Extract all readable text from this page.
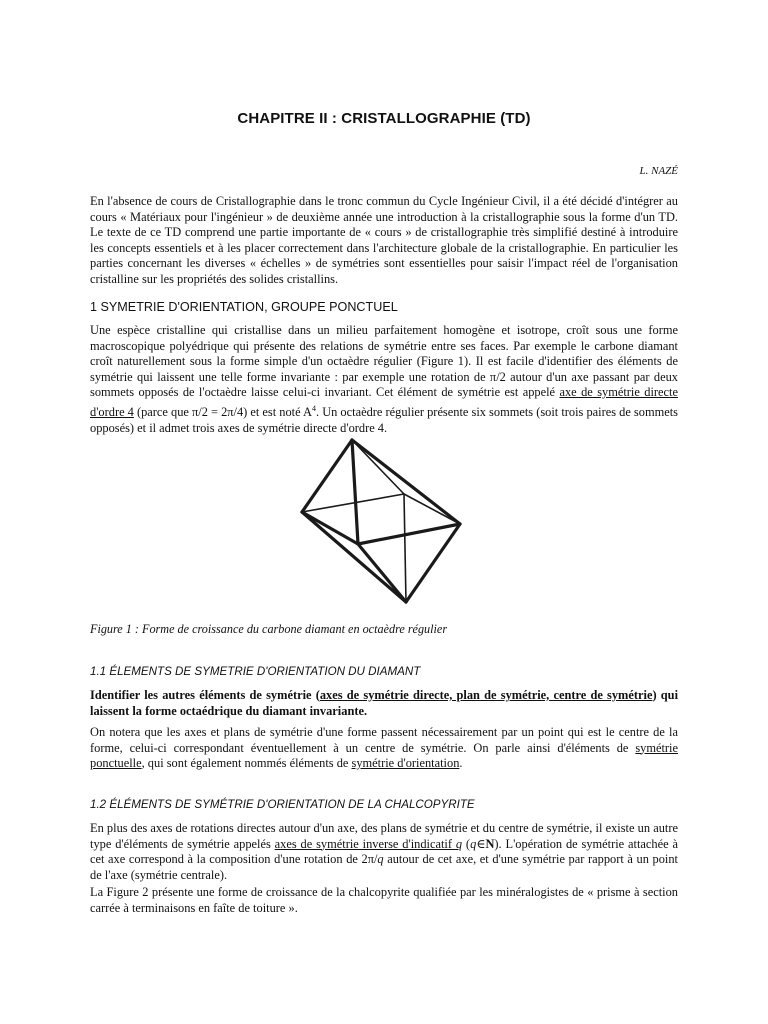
CHAPITRE II : CRISTALLOGRAPHIE (TD)
L. NAZÉ

En l'absence de cours de Cristallographie dans le tronc commun du Cycle Ingénieur Civil, il a été décidé d'intégrer au cours « Matériaux pour l'ingénieur » de deuxième année une introduction à la cristallographie sous la forme d'un TD. Le texte de ce TD comprend une partie importante de « cours » de cristallographie très simplifié destiné à introduire les concepts essentiels et à les placer correctement dans l'architecture globale de la cristallographie. En particulier les parties concernant les diverses « échelles » de symétries sont essentielles pour saisir l'impact réel de l'organisation cristalline sur les propriétés des solides cristallins.

1 SYMETRIE D'ORIENTATION, GROUPE PONCTUEL

Une espèce cristalline qui cristallise dans un milieu parfaitement homogène et isotrope, croît sous une forme macroscopique polyédrique qui présente des relations de symétrie entre ses faces. Par exemple le carbone diamant croît naturellement sous la forme simple d'un octaèdre régulier (Figure 1). Il est facile d'identifier des éléments de symétrie qui laissent une telle forme invariante : par exemple une rotation de π/2 autour d'un axe passant par deux sommets opposés de l'octaèdre laisse celui-ci invariant. Cet élément de symétrie est appelé axe de symétrie directe d'ordre 4 (parce que π/2 = 2π/4) et est noté $A^4$. Un octaèdre régulier présente six sommets (soit trois paires de sommets opposés) et il admet trois axes de symétrie directe d'ordre 4.

Figure 1 : Forme de croissance du carbone diamant en octaèdre régulier

1.1 ÉLEMENTS DE SYMETRIE D'ORIENTATION DU DIAMANT

Identifier les autres éléments de symétrie (axes de symétrie directe, plan de symétrie, centre de symétrie) qui laissent la forme octaédrique du diamant invariante.

On notera que les axes et plans de symétrie d'une forme passent nécessairement par un point qui est le centre de la forme, celui-ci correspondant éventuellement à un centre de symétrie. On parle ainsi d'éléments de symétrie ponctuelle, qui sont également nommés éléments de symétrie d'orientation.

1.2 ÉLÉMENTS DE SYMÉTRIE D'ORIENTATION DE LA CHALCOPYRITE

En plus des axes de rotations directes autour d'un axe, des plans de symétrie et du centre de symétrie, il existe un autre type d'éléments de symétrie appelés axes de symétrie inverse d'indicatif q (q∈N). L'opération de symétrie attachée à cet axe correspond à la composition d'une rotation de 2π/q autour de cet axe, et d'une symétrie par rapport à un point de l'axe (symétrie centrale).

La Figure 2 présente une forme de croissance de la chalcopyrite qualifiée par les minéralogistes de « prisme à section carrée à terminaisons en faîte de toiture ».
